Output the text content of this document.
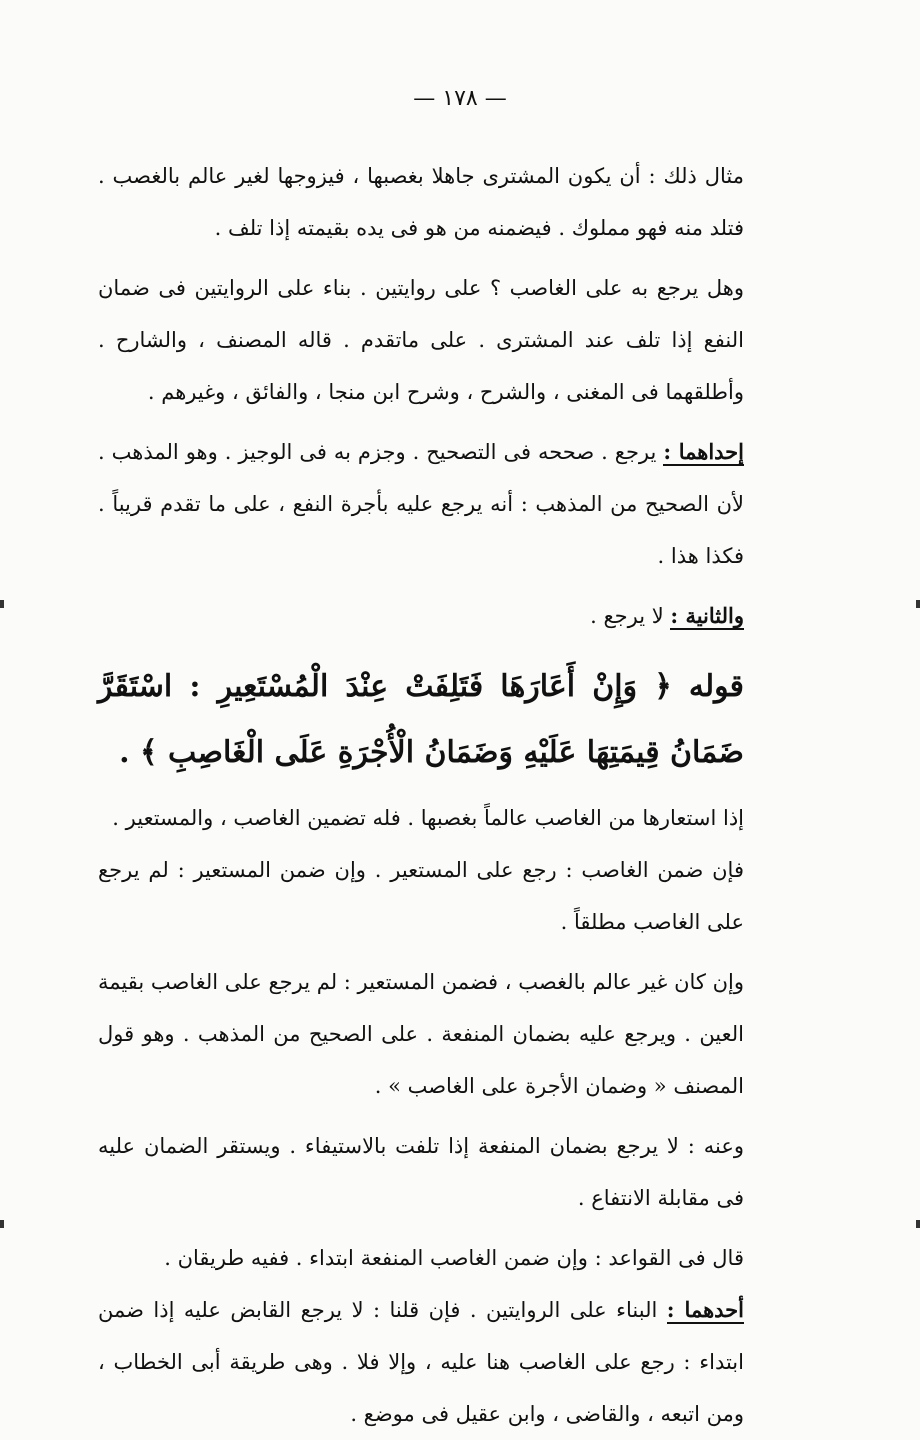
— ١٧٨ —

مثال ذلك : أن يكون المشترى جاهلا بغصبها ، فيزوجها لغير عالم بالغصب . فتلد منه فهو مملوك . فيضمنه من هو فى يده بقيمته إذا تلف .

وهل يرجع به على الغاصب ؟ على روايتين . بناء على الروايتين فى ضمان النفع إذا تلف عند المشترى . على ماتقدم . قاله المصنف ، والشارح . وأطلقهما فى المغنى ، والشرح ، وشرح ابن منجا ، والفائق ، وغيرهم .

إحداهما : يرجع . صححه فى التصحيح . وجزم به فى الوجيز . وهو المذهب . لأن الصحيح من المذهب : أنه يرجع عليه بأجرة النفع ، على ما تقدم قريباً . فكذا هذا .

والثانية : لا يرجع .

قوله ﴿ وَإِنْ أَعَارَهَا فَتَلِفَتْ عِنْدَ الْمُسْتَعِيرِ : اسْتَقَرَّ ضَمَانُ قِيمَتِهَا عَلَيْهِ وَضَمَانُ الْأُجْرَةِ عَلَى الْغَاصِبِ ﴾ .

إذا استعارها من الغاصب عالماً بغصبها . فله تضمين الغاصب ، والمستعير .

فإن ضمن الغاصب : رجع على المستعير . وإن ضمن المستعير : لم يرجع على الغاصب مطلقاً .

وإن كان غير عالم بالغصب ، فضمن المستعير : لم يرجع على الغاصب بقيمة العين . ويرجع عليه بضمان المنفعة . على الصحيح من المذهب . وهو قول المصنف « وضمان الأجرة على الغاصب » .

وعنه : لا يرجع بضمان المنفعة إذا تلفت بالاستيفاء . ويستقر الضمان عليه فى مقابلة الانتفاع .

قال فى القواعد : وإن ضمن الغاصب المنفعة ابتداء . ففيه طريقان .

أحدهما : البناء على الروايتين . فإن قلنا : لا يرجع القابض عليه إذا ضمن ابتداء : رجع على الغاصب هنا عليه ، وإلا فلا . وهى طريقة أبى الخطاب ، ومن اتبعه ، والقاضى ، وابن عقيل فى موضع .
